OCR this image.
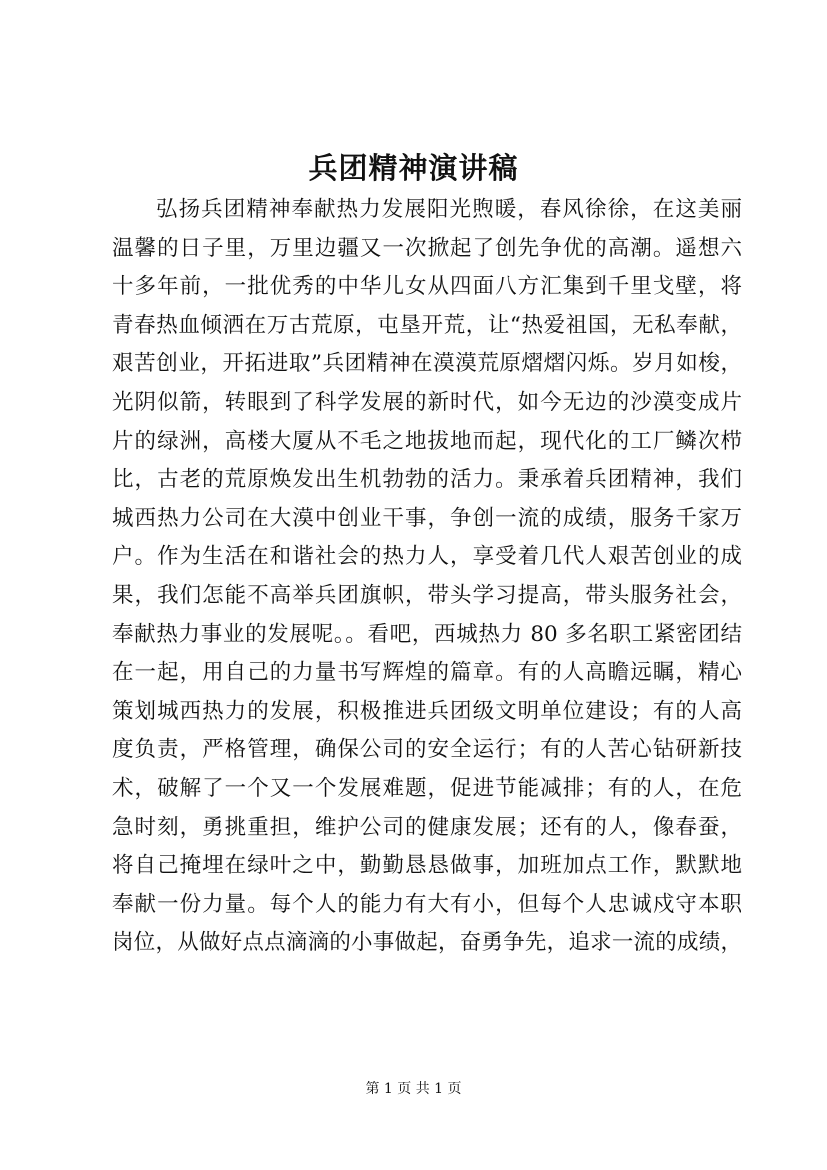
兵团精神演讲稿
弘扬兵团精神奉献热力发展阳光煦暖，春风徐徐，在这美丽
温馨的日子里，万里边疆又一次掀起了创先争优的高潮。遥想六
十多年前，一批优秀的中华儿女从四面八方汇集到千里戈壁，将
青春热血倾洒在万古荒原，屯垦开荒，让“热爱祖国，无私奉献，
艰苦创业，开拓进取”兵团精神在漠漠荒原熠熠闪烁。岁月如梭，
光阴似箭，转眼到了科学发展的新时代，如今无边的沙漠变成片
片的绿洲，高楼大厦从不毛之地拔地而起，现代化的工厂鳞次栉
比，古老的荒原焕发出生机勃勃的活力。秉承着兵团精神，我们
城西热力公司在大漠中创业干事，争创一流的成绩，服务千家万
户。作为生活在和谐社会的热力人，享受着几代人艰苦创业的成
果，我们怎能不高举兵团旗帜，带头学习提高，带头服务社会，
奉献热力事业的发展呢。。看吧，西城热力 80 多名职工紧密团结
在一起，用自己的力量书写辉煌的篇章。有的人高瞻远瞩，精心
策划城西热力的发展，积极推进兵团级文明单位建设；有的人高
度负责，严格管理，确保公司的安全运行；有的人苦心钻研新技
术，破解了一个又一个发展难题，促进节能减排；有的人，在危
急时刻，勇挑重担，维护公司的健康发展；还有的人，像春蚕，
将自己掩埋在绿叶之中，勤勤恳恳做事，加班加点工作，默默地
奉献一份力量。每个人的能力有大有小，但每个人忠诚戍守本职
岗位，从做好点点滴滴的小事做起，奋勇争先，追求一流的成绩，
第 1 页 共 1 页
